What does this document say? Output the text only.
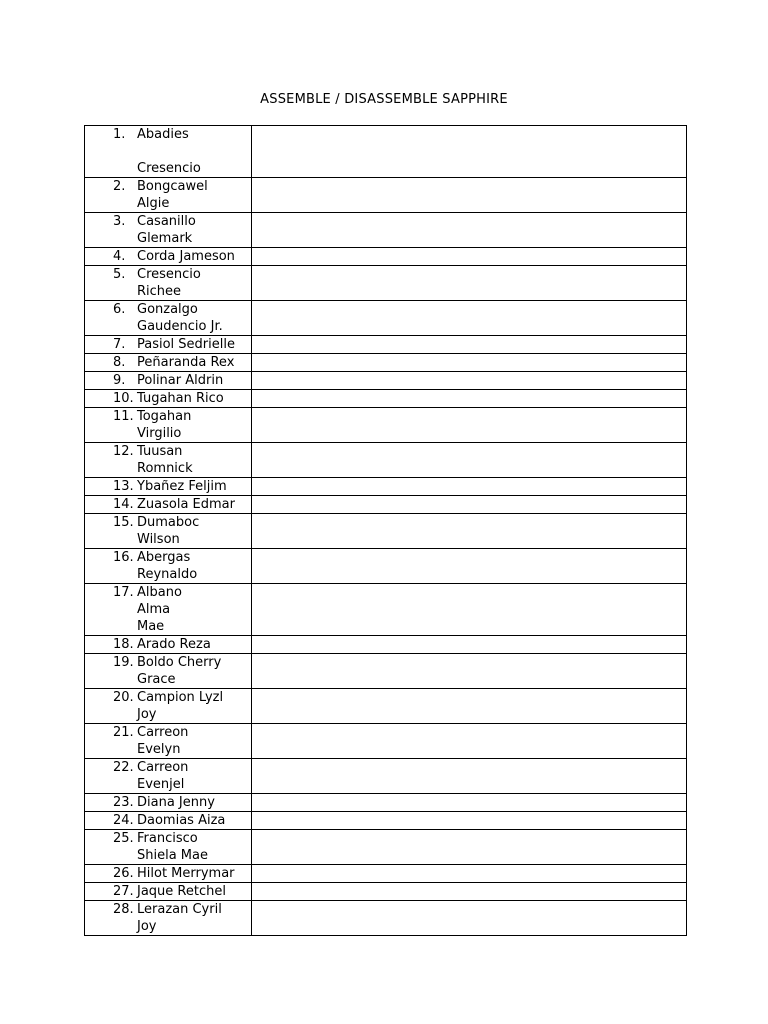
ASSEMBLE / DISASSEMBLE SAPPHIRE
1. Abadies

Cresencio	

2. Bongcawel
Algie	

3. Casanillo
Glemark	

4. Corda Jameson	

5. Cresencio
Richee	

6. Gonzalgo
Gaudencio Jr.	

7. Pasiol Sedrielle	

8. Peñaranda Rex	

9. Polinar Aldrin	

10. Tugahan Rico	

11. Togahan
Virgilio	

12. Tuusan
Romnick	

13. Ybañez Feljim	

14. Zuasola Edmar	

15. Dumaboc
Wilson	

16. Abergas
Reynaldo	

17. Albano
Alma
Mae	

18. Arado Reza	

19. Boldo Cherry
Grace	

20. Campion Lyzl
Joy	

21. Carreon
Evelyn	

22. Carreon
Evenjel	

23. Diana Jenny	

24. Daomias Aiza	

25. Francisco
Shiela Mae	

26. Hilot Merrymar	

27. Jaque Retchel	

28. Lerazan Cyril
Joy	
